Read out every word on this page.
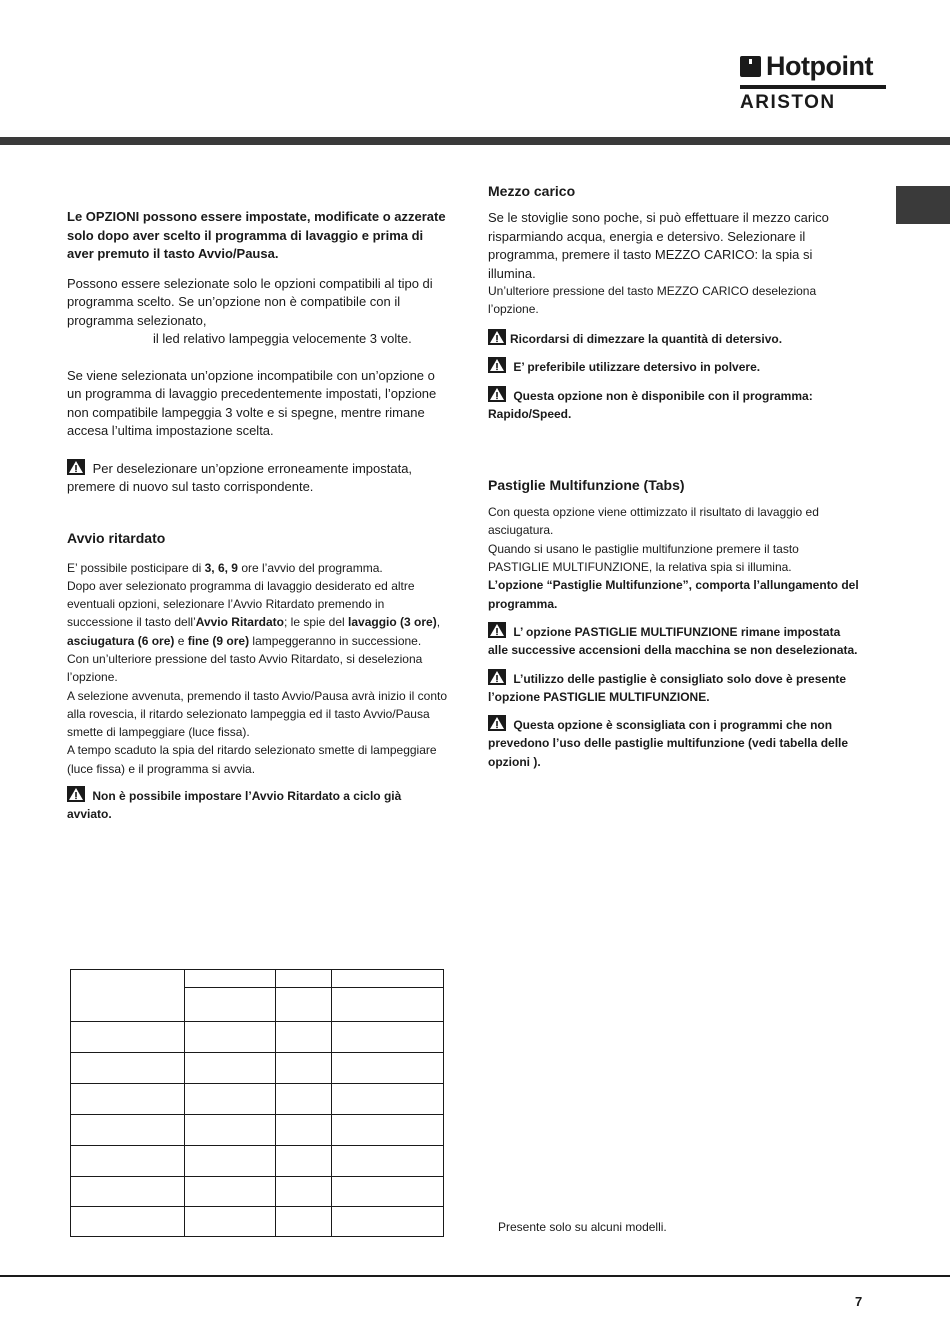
Hotpoint
ARISTON

Le OPZIONI possono essere impostate, modificate o azzerate solo dopo aver scelto il programma di lavaggio e prima di aver premuto il tasto Avvio/Pausa.

Possono essere selezionate solo le opzioni compatibili al tipo di programma scelto. Se un’opzione non è compatibile con il programma selezionato,
il led relativo lampeggia velocemente 3 volte.

Se viene selezionata un’opzione incompatibile con un’opzione o un programma di lavaggio precedentemente impostati, l’opzione non compatibile lampeggia 3 volte e si spegne, mentre rimane accesa l’ultima impostazione scelta.

Per deselezionare un’opzione erroneamente impostata, premere di nuovo sul tasto corrispondente.

Avvio ritardato

E’ possibile posticipare di 3, 6, 9 ore l’avvio del programma.

Dopo aver selezionato programma di lavaggio desiderato ed altre eventuali opzioni, selezionare l’Avvio Ritardato premendo in successione il tasto dell’Avvio Ritardato; le spie del lavaggio (3 ore), asciugatura (6 ore) e fine (9 ore) lampeggeranno in successione.

Con un’ulteriore pressione del tasto Avvio Ritardato, si deseleziona l’opzione.

A selezione avvenuta, premendo il tasto Avvio/Pausa avrà inizio il conto alla rovescia, il ritardo selezionato lampeggia ed il tasto Avvio/Pausa smette di lampeggiare (luce fissa).

A tempo scaduto la spia del ritardo selezionato smette di lampeggiare (luce fissa) e il programma si avvia.

Non è possibile impostare l’Avvio Ritardato a ciclo già avviato.

Mezzo carico

Se le stoviglie sono poche, si può effettuare il mezzo carico risparmiando acqua, energia e detersivo. Selezionare il programma, premere il tasto MEZZO CARICO: la spia si illumina.

Un’ulteriore pressione del tasto MEZZO CARICO deseleziona l’opzione.

Ricordarsi di dimezzare la quantità di detersivo.

E’ preferibile utilizzare detersivo in polvere.

Questa opzione non è disponibile con il programma: Rapido/Speed.

Pastiglie Multifunzione (Tabs)

Con questa opzione viene ottimizzato il risultato di lavaggio ed asciugatura.

Quando si usano le pastiglie multifunzione premere il tasto PASTIGLIE MULTIFUNZIONE, la relativa spia si illumina.

L’opzione “Pastiglie Multifunzione”, comporta l’allungamento del programma.

L’ opzione PASTIGLIE MULTIFUNZIONE rimane impostata alle successive accensioni della macchina se non deselezionata.

L’utilizzo delle pastiglie è consigliato solo dove è presente l’opzione PASTIGLIE MULTIFUNZIONE.

Questa opzione è sconsigliata con i programmi che non prevedono l’uso delle pastiglie multifunzione (vedi tabella delle opzioni ).

Presente solo su alcuni modelli.
7
